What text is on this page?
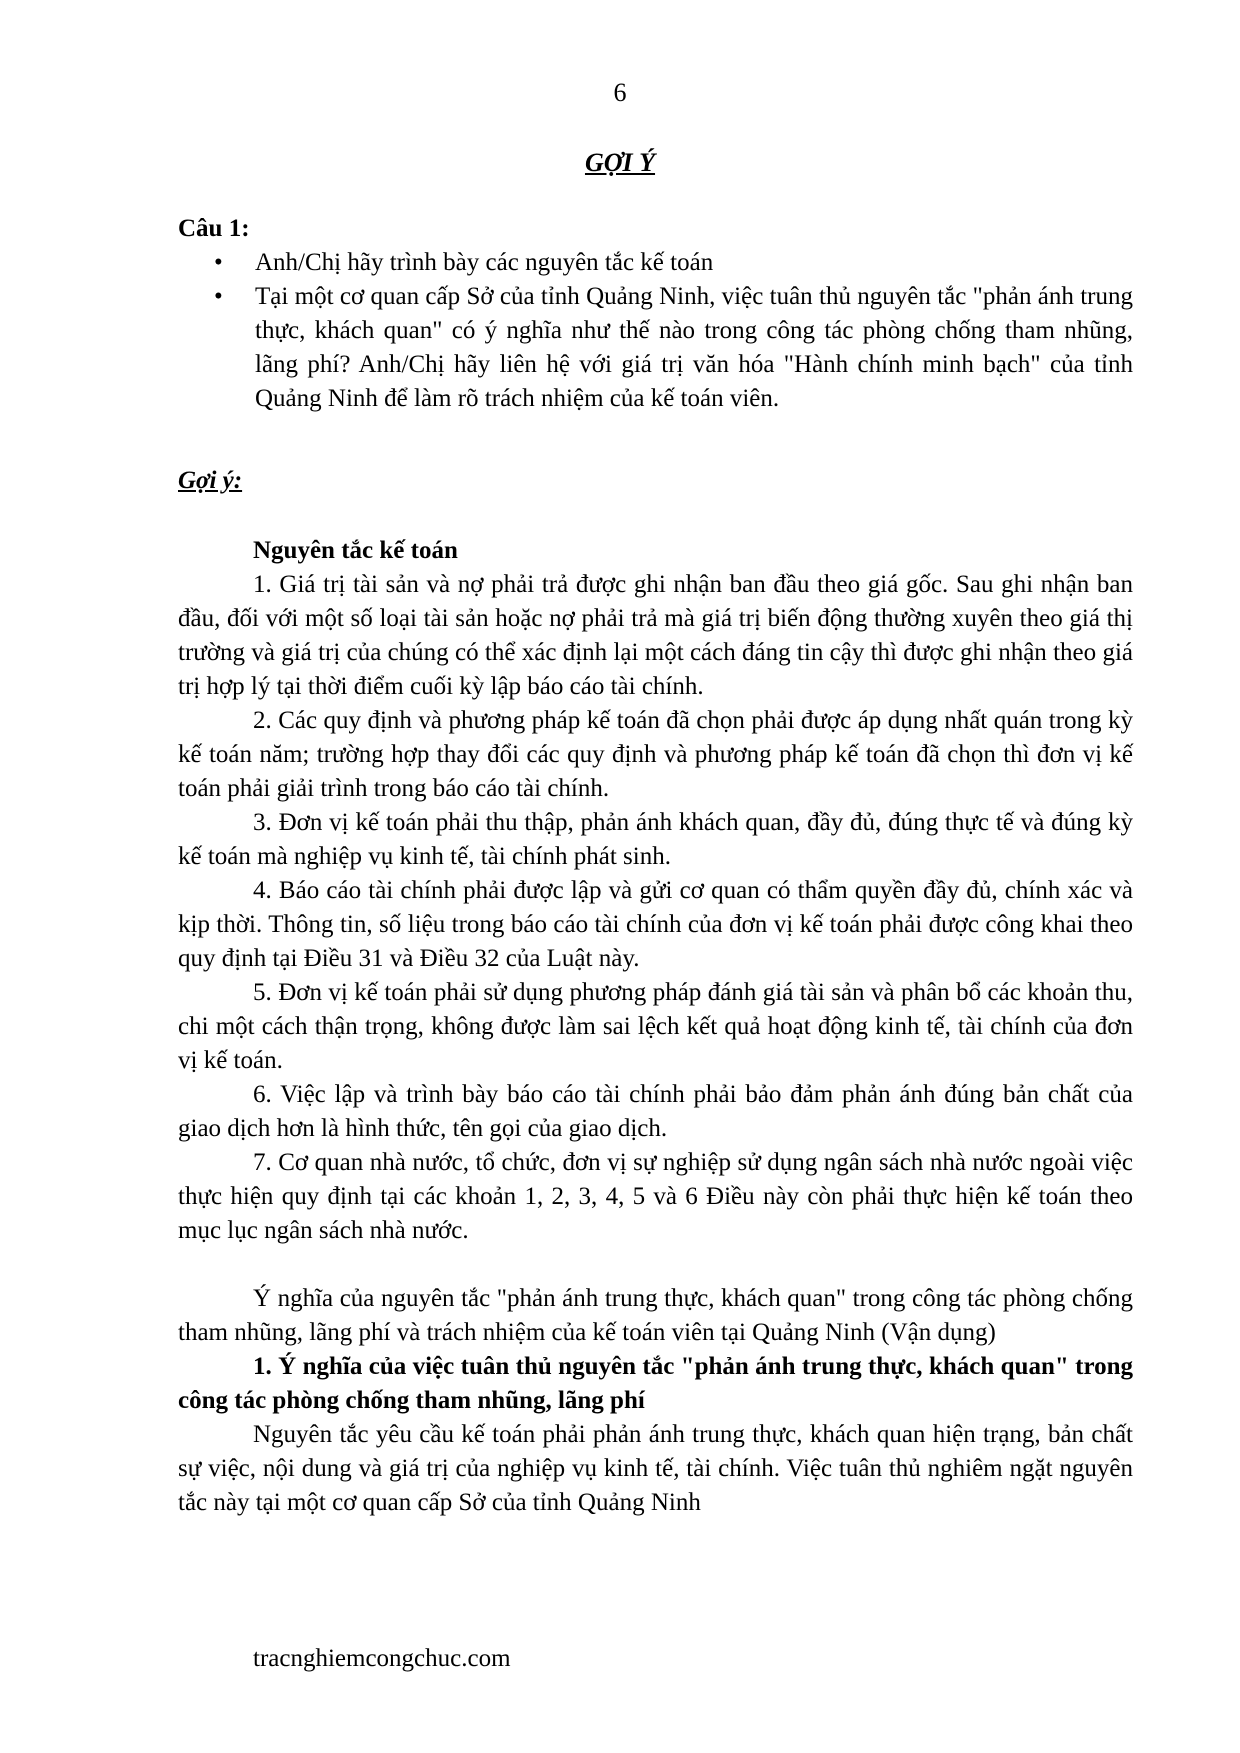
6
GỢI Ý
Câu 1:
• Anh/Chị hãy trình bày các nguyên tắc kế toán
• Tại một cơ quan cấp Sở của tỉnh Quảng Ninh, việc tuân thủ nguyên tắc "phản ánh trung thực, khách quan" có ý nghĩa như thế nào trong công tác phòng chống tham nhũng, lãng phí? Anh/Chị hãy liên hệ với giá trị văn hóa "Hành chính minh bạch" của tỉnh Quảng Ninh để làm rõ trách nhiệm của kế toán viên.
Gợi ý:
Nguyên tắc kế toán

1. Giá trị tài sản và nợ phải trả được ghi nhận ban đầu theo giá gốc. Sau ghi nhận ban đầu, đối với một số loại tài sản hoặc nợ phải trả mà giá trị biến động thường xuyên theo giá thị trường và giá trị của chúng có thể xác định lại một cách đáng tin cậy thì được ghi nhận theo giá trị hợp lý tại thời điểm cuối kỳ lập báo cáo tài chính.

2. Các quy định và phương pháp kế toán đã chọn phải được áp dụng nhất quán trong kỳ kế toán năm; trường hợp thay đổi các quy định và phương pháp kế toán đã chọn thì đơn vị kế toán phải giải trình trong báo cáo tài chính.

3. Đơn vị kế toán phải thu thập, phản ánh khách quan, đầy đủ, đúng thực tế và đúng kỳ kế toán mà nghiệp vụ kinh tế, tài chính phát sinh.

4. Báo cáo tài chính phải được lập và gửi cơ quan có thẩm quyền đầy đủ, chính xác và kịp thời. Thông tin, số liệu trong báo cáo tài chính của đơn vị kế toán phải được công khai theo quy định tại Điều 31 và Điều 32 của Luật này.

5. Đơn vị kế toán phải sử dụng phương pháp đánh giá tài sản và phân bổ các khoản thu, chi một cách thận trọng, không được làm sai lệch kết quả hoạt động kinh tế, tài chính của đơn vị kế toán.

6. Việc lập và trình bày báo cáo tài chính phải bảo đảm phản ánh đúng bản chất của giao dịch hơn là hình thức, tên gọi của giao dịch.

7. Cơ quan nhà nước, tổ chức, đơn vị sự nghiệp sử dụng ngân sách nhà nước ngoài việc thực hiện quy định tại các khoản 1, 2, 3, 4, 5 và 6 Điều này còn phải thực hiện kế toán theo mục lục ngân sách nhà nước.

Ý nghĩa của nguyên tắc "phản ánh trung thực, khách quan" trong công tác phòng chống tham nhũng, lãng phí và trách nhiệm của kế toán viên tại Quảng Ninh (Vận dụng)

1. Ý nghĩa của việc tuân thủ nguyên tắc "phản ánh trung thực, khách quan" trong công tác phòng chống tham nhũng, lãng phí

Nguyên tắc yêu cầu kế toán phải phản ánh trung thực, khách quan hiện trạng, bản chất sự việc, nội dung và giá trị của nghiệp vụ kinh tế, tài chính. Việc tuân thủ nghiêm ngặt nguyên tắc này tại một cơ quan cấp Sở của tỉnh Quảng Ninh

tracnghiemcongchuc.com
